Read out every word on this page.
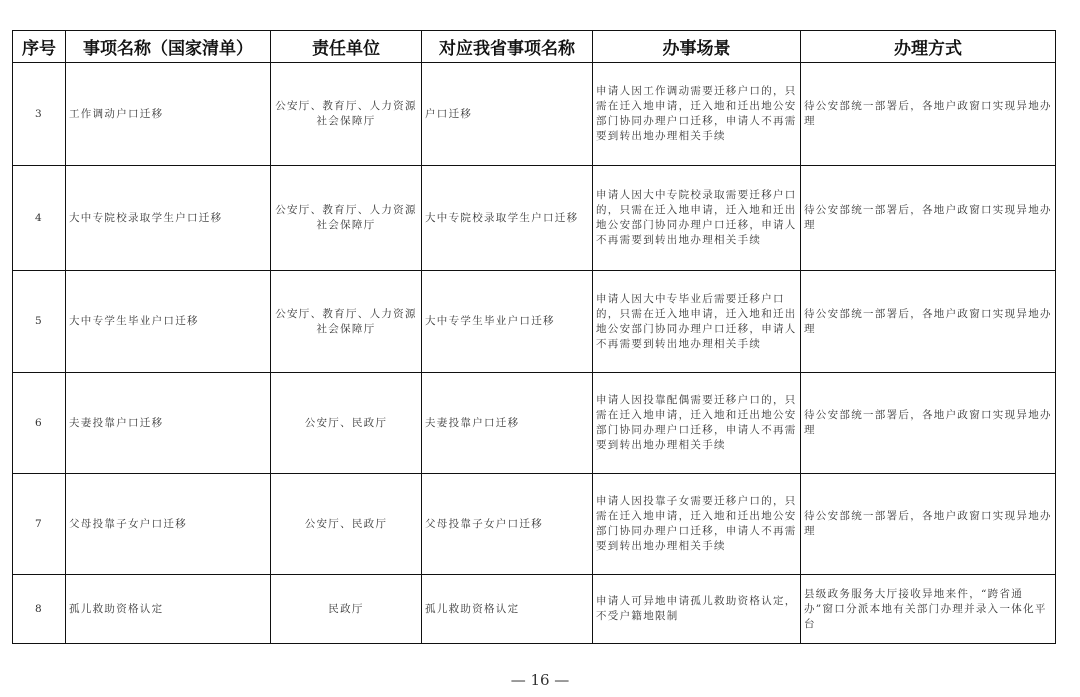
序号	事项名称（国家清单）	责任单位	对应我省事项名称	办事场景	办理方式
3	工作调动户口迁移	公安厅、教育厅、人力资源社会保障厅	户口迁移	申请人因工作调动需要迁移户口的，只需在迁入地申请，迁入地和迁出地公安部门协同办理户口迁移，申请人不再需要到转出地办理相关手续	待公安部统一部署后，各地户政窗口实现异地办理
4	大中专院校录取学生户口迁移	公安厅、教育厅、人力资源社会保障厅	大中专院校录取学生户口迁移	申请人因大中专院校录取需要迁移户口的，只需在迁入地申请，迁入地和迁出地公安部门协同办理户口迁移，申请人不再需要到转出地办理相关手续	待公安部统一部署后，各地户政窗口实现异地办理
5	大中专学生毕业户口迁移	公安厅、教育厅、人力资源社会保障厅	大中专学生毕业户口迁移	申请人因大中专毕业后需要迁移户口的，只需在迁入地申请，迁入地和迁出地公安部门协同办理户口迁移，申请人不再需要到转出地办理相关手续	待公安部统一部署后，各地户政窗口实现异地办理
6	夫妻投靠户口迁移	公安厅、民政厅	夫妻投靠户口迁移	申请人因投靠配偶需要迁移户口的，只需在迁入地申请，迁入地和迁出地公安部门协同办理户口迁移，申请人不再需要到转出地办理相关手续	待公安部统一部署后，各地户政窗口实现异地办理
7	父母投靠子女户口迁移	公安厅、民政厅	父母投靠子女户口迁移	申请人因投靠子女需要迁移户口的，只需在迁入地申请，迁入地和迁出地公安部门协同办理户口迁移，申请人不再需要到转出地办理相关手续	待公安部统一部署后，各地户政窗口实现异地办理
8	孤儿救助资格认定	民政厅	孤儿救助资格认定	申请人可异地申请孤儿救助资格认定，不受户籍地限制	县级政务服务大厅接收异地来件，“跨省通办”窗口分派本地有关部门办理并录入一体化平台
— 16 —
